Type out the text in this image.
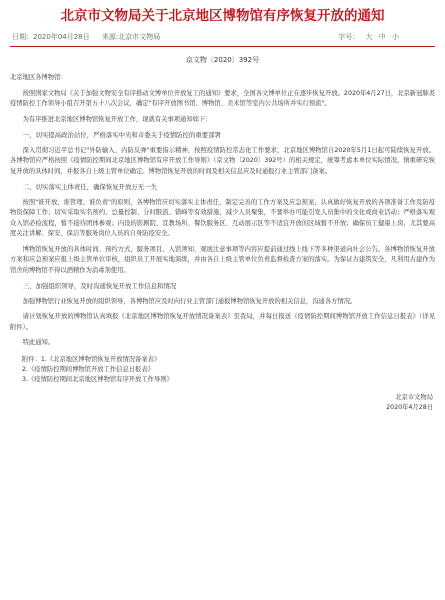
北京市文物局关于北京地区博物馆有序恢复开放的通知
日期：2020年04月28日 来源:北京市文物局	字号： 大 中 小
京文物〔2020〕392号

北京地区各博物馆：

按照国家文物局《关于加强文物安全有序推动文博单位开放复工的通知》要求，全国各文博单位正在逐步恢复开放。2020年4月27日，北京新冠肺炎疫情防控工作领导小组召开第五十八次会议，确定"有序开放图书馆、博物馆、美术馆等室内公共场所并实行预流"。

为有序推进北京地区博物馆恢复开放工作，现就有关事项通知如下：

一、切实提高政治站位，严格落实中央和市委关于疫情防控的重要部署

深入贯彻习近平总书记"外防输入、内防反弹"重要指示精神，按照疫情防控常态化工作要求，北京地区博物馆自2020年5月1日起可陆续恢复开放。各博物馆应严格按照《疫情防控期间北京地区博物馆有序开放工作导则》（京文物〔2020〕392号）的相关规定，统筹考虑本单位实际情况，慎重研究恢复开放的具体时间，并报各自上级主管单位确定。博物馆恢复开放的时间及相关信息应及时通报行业主管部门备案。

二、切实落实主体责任，确保恢复开放万无一失

按照"谁开放、谁管理、谁负责"的原则，各博物馆应切实落实主体责任，制定完善的工作方案及应急预案，认真做好恢复开放的各项准备工作及防疫物资保障工作；切实采取实名预约、总量控制、分时限流、错峰等有效措施，减少人员聚集，不要举办可能引发人员集中的文化或商业活动；严格落实观众入馆必检流程，暂不接待团体参观；内设的影剧院、宣教场所、餐饮服务区、互动展示区等不适宜开放的区域暂不开放；确保员工健康上岗，尤其要高度关注讲解、保安、保洁等服务岗位人员的自身防疫安全。

博物馆恢复开放的具体时间、预约方式、服务项目、入馆须知、观展注意事项等内容应提前通过线上线下等多种渠道向社会公告。各博物馆恢复开放方案和应急预案应报上级主管单位审核，组织员工开展实地演练，并由各自上级主管单位负责监督检查方案的落实。为保证古建筑安全，凡利用古建作为馆舍的博物馆不得以酒精作为消毒剂使用。

三、加强组织领导，及时沟通恢复开放工作信息和情况

加强博物馆行业恢复开放的组织领导，各博物馆应及时向行业主管部门通报博物馆恢复开放的相关信息，沟通各方情况。

请计划恢复开放的博物馆认真填报《北京地区博物馆恢复开放情况备案表》至我局，并每日报送《疫情防控期间博物馆开放工作信息日报表》（详见附件）。

特此通知。

附件：1.《北京地区博物馆恢复开放情况备案表》
2.《疫情防控期间博物馆开放工作信息日报表》
3.《疫情防控期间北京地区博物馆有序开放工作导则》
北京市文物局
2020年4月28日
